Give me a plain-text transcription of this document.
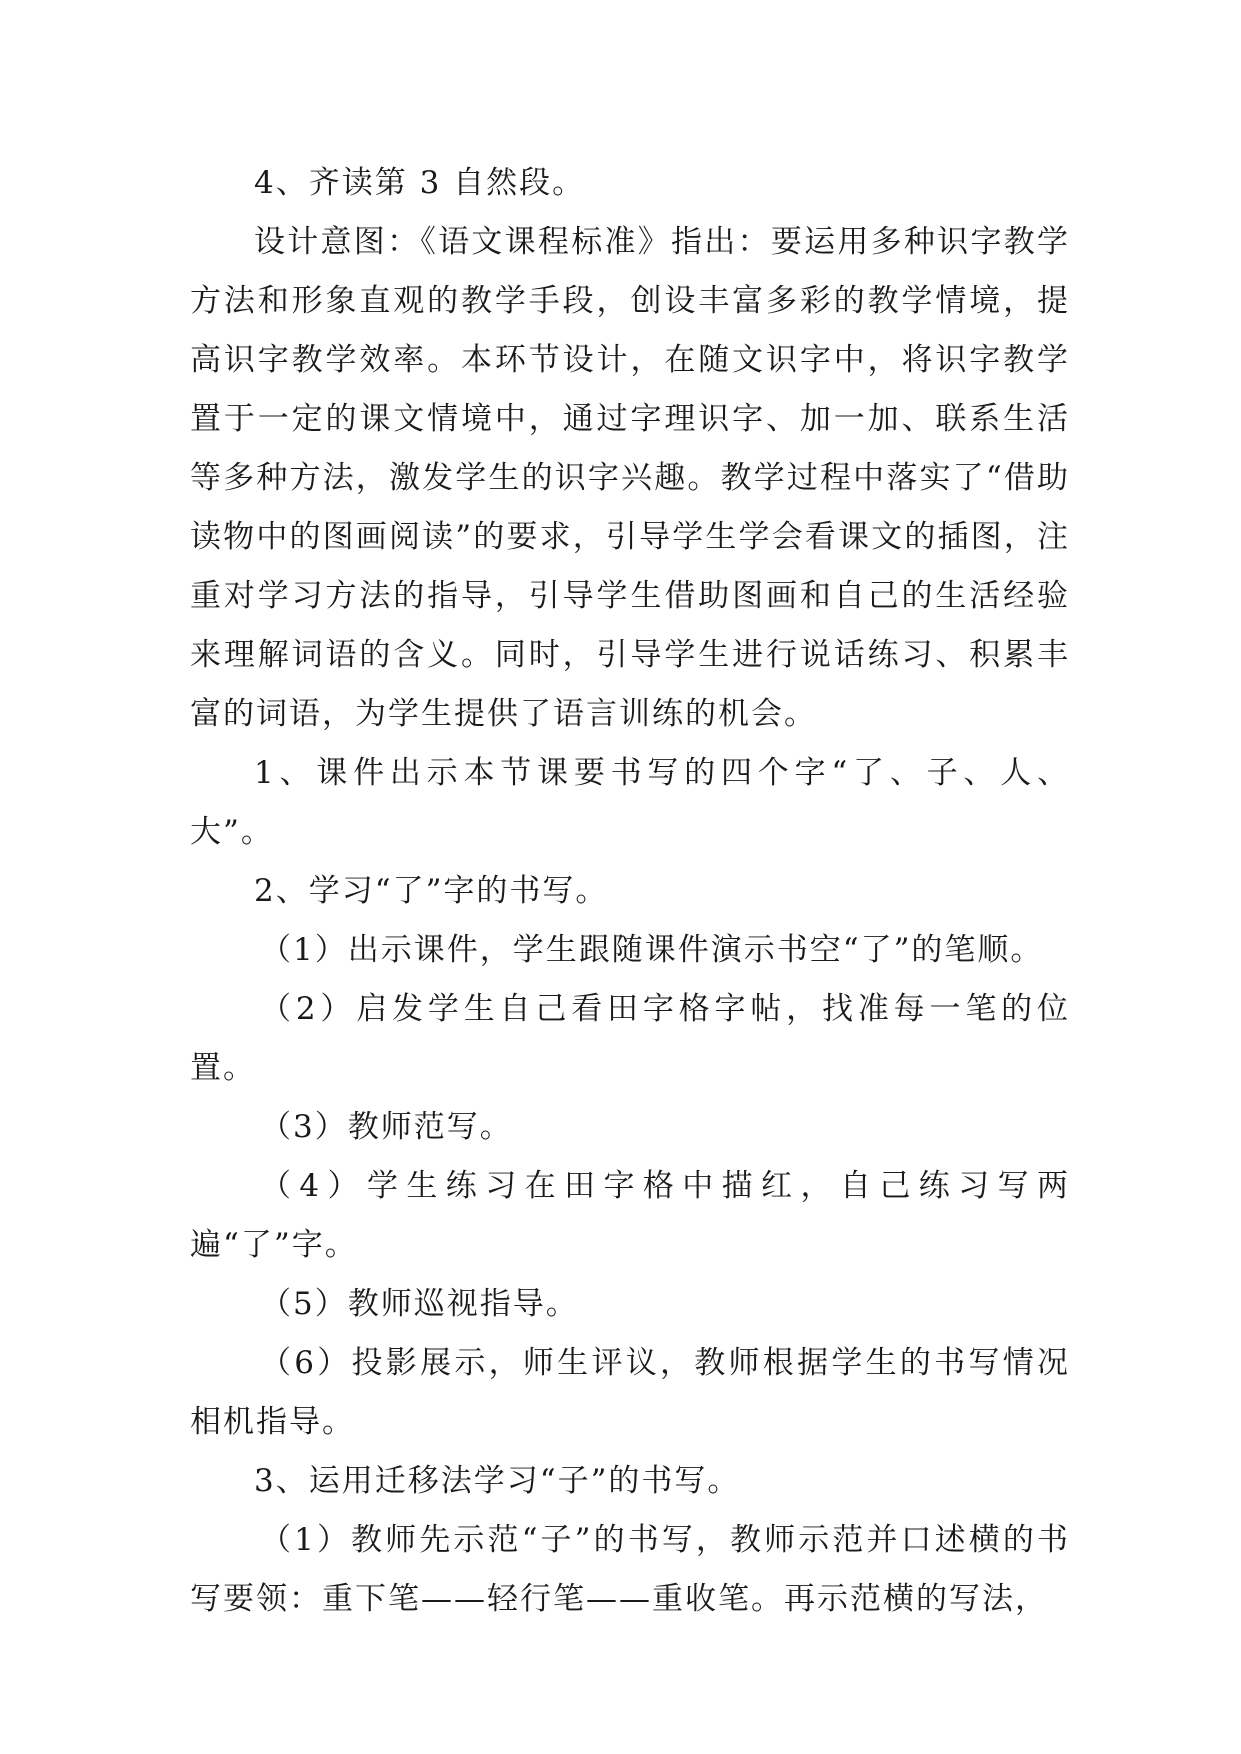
4、齐读第 3 自然段。

设计意图：《语文课程标准》指出：要运用多种识字教学方法和形象直观的教学手段，创设丰富多彩的教学情境，提高识字教学效率。本环节设计，在随文识字中，将识字教学置于一定的课文情境中，通过字理识字、加一加、联系生活等多种方法，激发学生的识字兴趣。教学过程中落实了“借助读物中的图画阅读”的要求，引导学生学会看课文的插图，注重对学习方法的指导，引导学生借助图画和自己的生活经验来理解词语的含义。同时，引导学生进行说话练习、积累丰富的词语，为学生提供了语言训练的机会。

1、课件出示本节课要书写的四个字“了、子、人、大”。

2、学习“了”字的书写。

（1）出示课件，学生跟随课件演示书空“了”的笔顺。

（2）启发学生自己看田字格字帖，找准每一笔的位置。

（3）教师范写。

（4）学生练习在田字格中描红，自己练习写两遍“了”字。

（5）教师巡视指导。

（6）投影展示，师生评议，教师根据学生的书写情况相机指导。

3、运用迁移法学习“子”的书写。

（1）教师先示范“子”的书写，教师示范并口述横的书写要领：重下笔——轻行笔——重收笔。再示范横的写法，
